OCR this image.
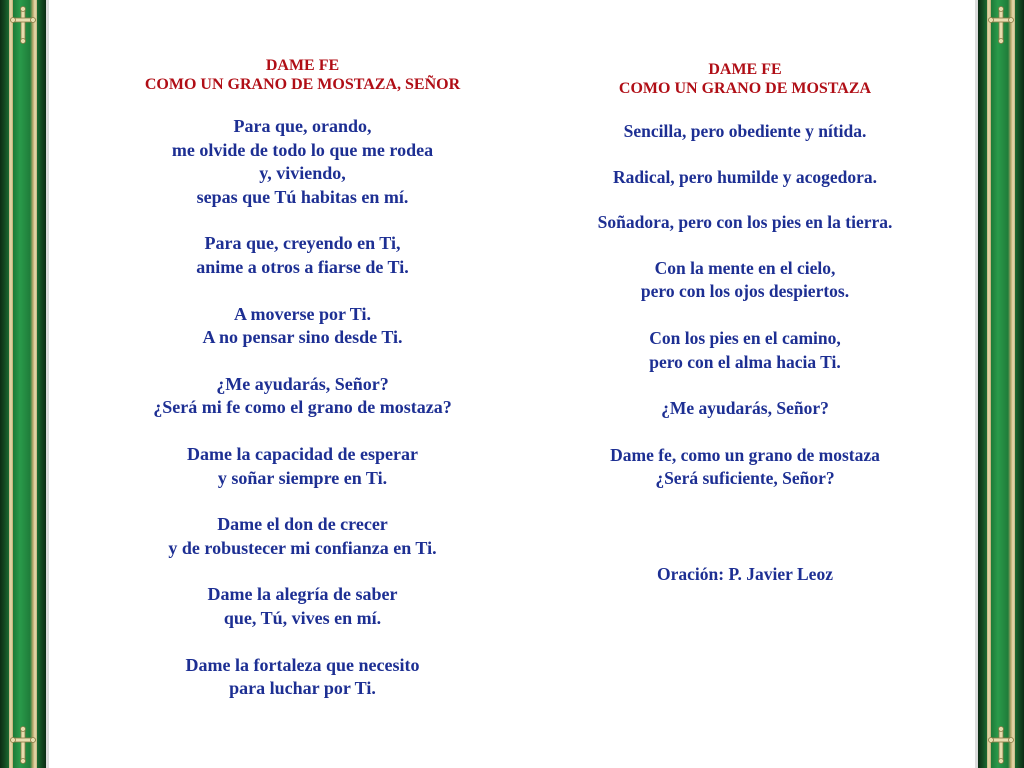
DAME FE
COMO UN GRANO DE MOSTAZA, SEÑOR

Para que, orando,
me olvide de todo lo que me rodea
y, viviendo,
sepas que Tú habitas en mí.

Para que, creyendo en Ti,
anime a otros a fiarse de Ti.

A moverse por Ti.
A no pensar sino desde Ti.

¿Me ayudarás, Señor?
¿Será mi fe como el grano de mostaza?

Dame la capacidad de esperar
y soñar siempre en Ti.

Dame el don de crecer
y de robustecer mi confianza en Ti.

Dame la alegría de saber
que, Tú, vives en mí.

Dame la fortaleza que necesito
para luchar por Ti.

DAME FE
COMO UN GRANO DE MOSTAZA

Sencilla, pero obediente y nítida.

Radical, pero humilde y acogedora.

Soñadora, pero con los pies en la tierra.

Con la mente en el cielo,
pero con los ojos despiertos.

Con los pies en el camino,
pero con el alma hacia Ti.

¿Me ayudarás, Señor?

Dame fe, como un grano de mostaza
¿Será suficiente, Señor?

Oración: P. Javier Leoz
